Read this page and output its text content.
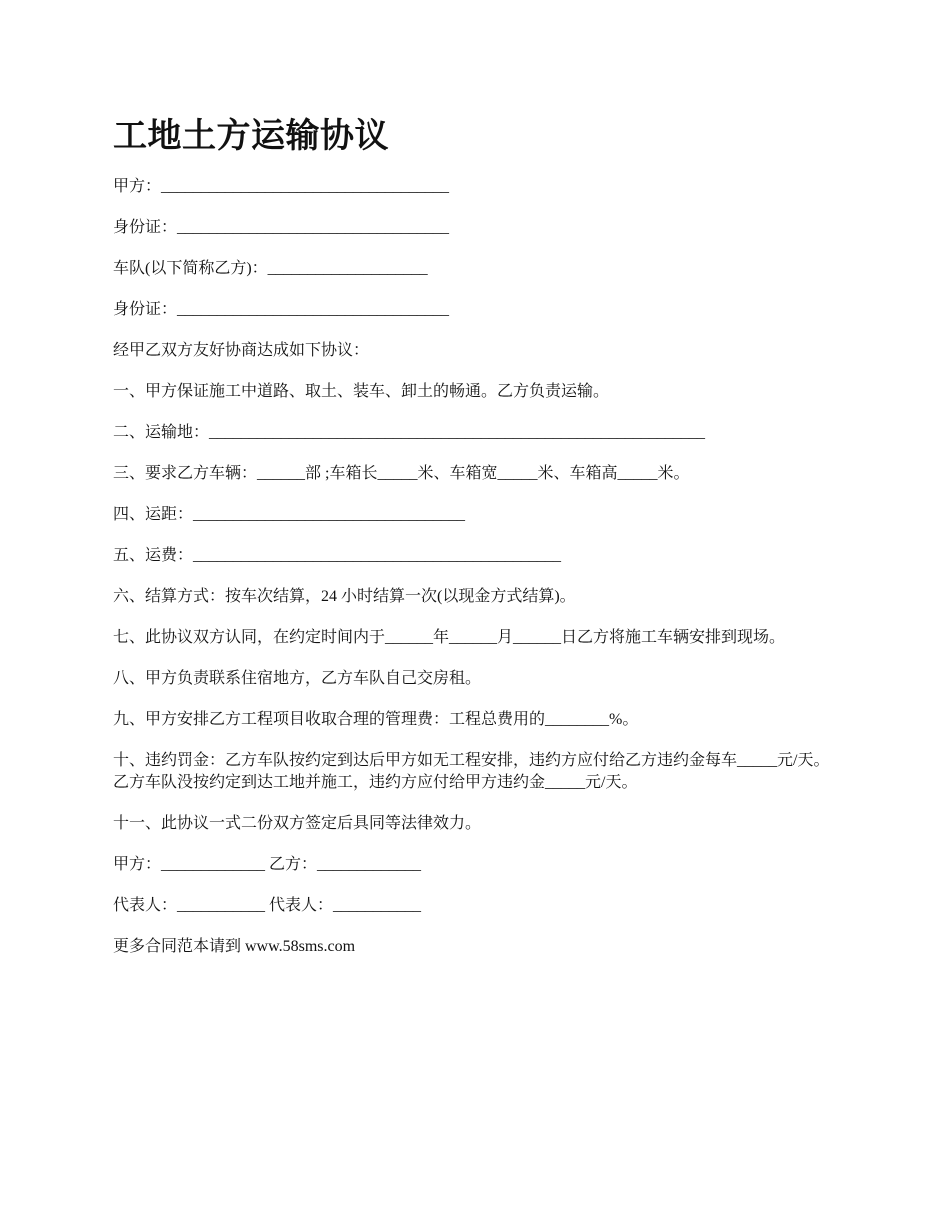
工地土方运输协议

甲方：____________________________________

身份证：__________________________________

车队(以下简称乙方)：____________________

身份证：__________________________________

经甲乙双方友好协商达成如下协议：

一、甲方保证施工中道路、取土、装车、卸土的畅通。乙方负责运输。

二、运输地：______________________________________________________________

三、要求乙方车辆：______部 ;车箱长_____米、车箱宽_____米、车箱高_____米。

四、运距：__________________________________

五、运费：______________________________________________

六、结算方式：按车次结算，24 小时结算一次(以现金方式结算)。

七、此协议双方认同，在约定时间内于______年______月______日乙方将施工车辆安排到现场。

八、甲方负责联系住宿地方，乙方车队自己交房租。

九、甲方安排乙方工程项目收取合理的管理费：工程总费用的________%。

十、违约罚金：乙方车队按约定到达后甲方如无工程安排，违约方应付给乙方违约金每车_____元/天。乙方车队没按约定到达工地并施工，违约方应付给甲方违约金_____元/天。

十一、此协议一式二份双方签定后具同等法律效力。

甲方：_____________ 乙方：_____________

代表人：___________ 代表人：___________

更多合同范本请到 www.58sms.com
